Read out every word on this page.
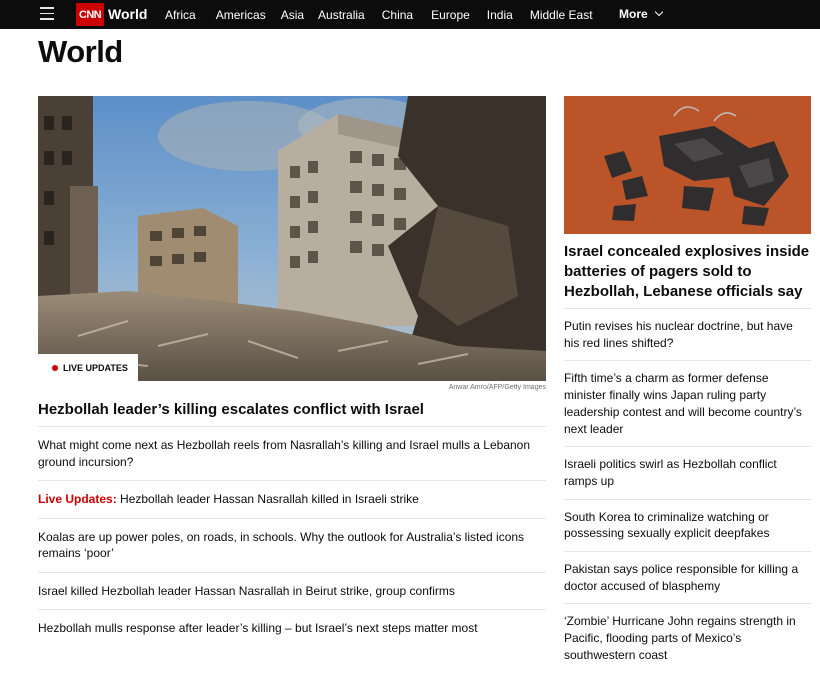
CNN World Africa Americas Asia Australia China Europe India Middle East More
World
LIVE UPDATES
Anwar Amro/AFP/Getty Images
Hezbollah leader’s killing escalates conflict with Israel
What might come next as Hezbollah reels from Nasrallah’s killing and Israel mulls a Lebanon ground incursion?
Live Updates: Hezbollah leader Hassan Nasrallah killed in Israeli strike
Koalas are up power poles, on roads, in schools. Why the outlook for Australia’s listed icons remains ‘poor’
Israel killed Hezbollah leader Hassan Nasrallah in Beirut strike, group confirms
Hezbollah mulls response after leader’s killing – but Israel’s next steps matter most
Israel concealed explosives inside batteries of pagers sold to Hezbollah, Lebanese officials say
Putin revises his nuclear doctrine, but have his red lines shifted?
Fifth time’s a charm as former defense minister finally wins Japan ruling party leadership contest and will become country’s next leader
Israeli politics swirl as Hezbollah conflict ramps up
South Korea to criminalize watching or possessing sexually explicit deepfakes
Pakistan says police responsible for killing a doctor accused of blasphemy
‘Zombie’ Hurricane John regains strength in Pacific, flooding parts of Mexico’s southwestern coast
